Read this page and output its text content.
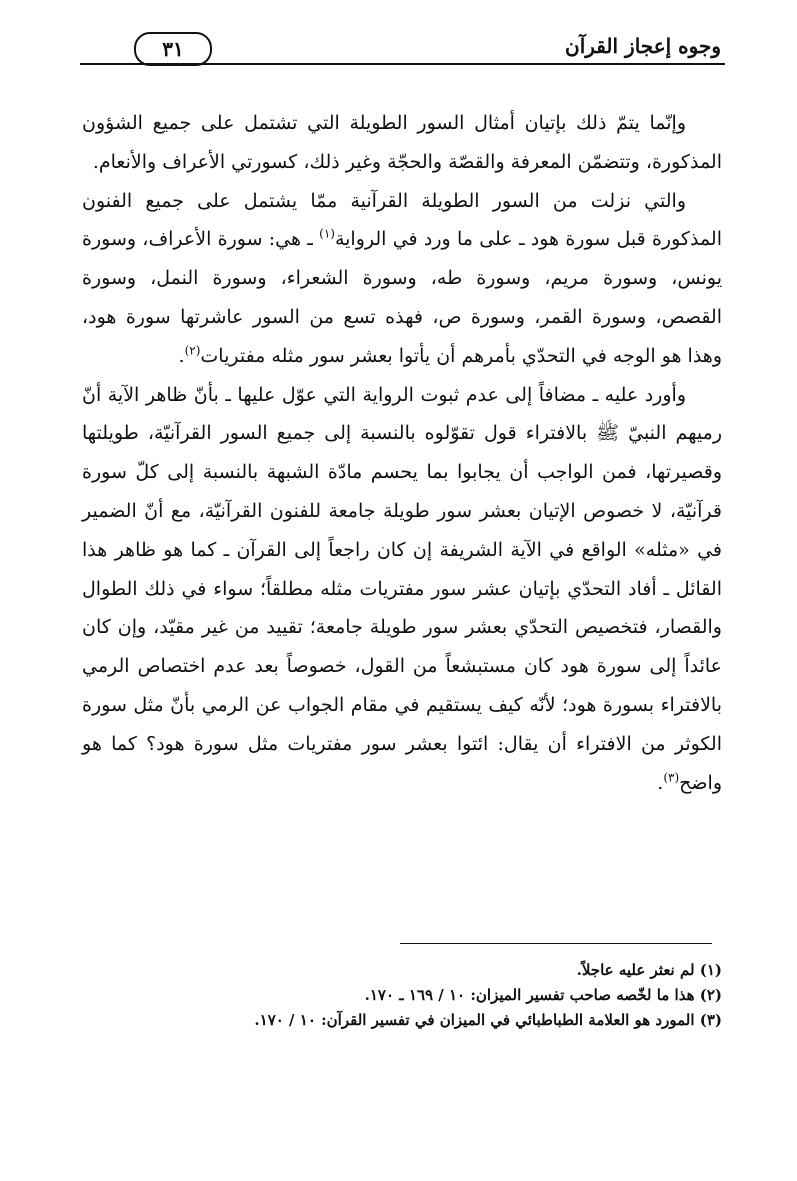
وجوه إعجاز القرآن
٣١

وإنّما يتمّ ذلك بإتيان أمثال السور الطويلة التي تشتمل على جميع الشؤون المذكورة، وتتضمّن المعرفة والقصّة والحجّة وغير ذلك، كسورتي الأعراف والأنعام.

والتي نزلت من السور الطويلة القرآنية ممّا يشتمل على جميع الفنون المذكورة قبل سورة هود ـ على ما ورد في الرواية$^{(١)}$ ـ هي: سورة الأعراف، وسورة يونس، وسورة مريم، وسورة طه، وسورة الشعراء، وسورة النمل، وسورة القصص، وسورة القمر، وسورة ص، فهذه تسع من السور عاشرتها سورة هود، وهذا هو الوجه في التحدّي بأمرهم أن يأتوا بعشر سور مثله مفتريات$^{(٢)}$.

وأورد عليه ـ مضافاً إلى عدم ثبوت الرواية التي عوّل عليها ـ بأنّ ظاهر الآية أنّ رميهم النبيّ ﷺ بالافتراء قول تقوّلوه بالنسبة إلى جميع السور القرآنيّة، طويلتها وقصيرتها، فمن الواجب أن يجابوا بما يحسم مادّة الشبهة بالنسبة إلى كلّ سورة قرآنيّة، لا خصوص الإتيان بعشر سور طويلة جامعة للفنون القرآنيّة، مع أنّ الضمير في «مثله» الواقع في الآية الشريفة إن كان راجعاً إلى القرآن ـ كما هو ظاهر هذا القائل ـ أفاد التحدّي بإتيان عشر سور مفتريات مثله مطلقاً؛ سواء في ذلك الطوال والقصار، فتخصيص التحدّي بعشر سور طويلة جامعة؛ تقييد من غير مقيّد، وإن كان عائداً إلى سورة هود كان مستبشعاً من القول، خصوصاً بعد عدم اختصاص الرمي بالافتراء بسورة هود؛ لأنّه كيف يستقيم في مقام الجواب عن الرمي بأنّ مثل سورة الكوثر من الافتراء أن يقال: ائتوا بعشر سور مفتريات مثل سورة هود؟ كما هو واضح$^{(٣)}$.

(١) لم نعثر عليه عاجلاً.

(٢) هذا ما لخّصه صاحب تفسير الميزان: ١٠ / ١٦٩ ـ ١٧٠.

(٣) المورد هو العلامة الطباطبائي في الميزان في تفسير القرآن: ١٠ / ١٧٠.
